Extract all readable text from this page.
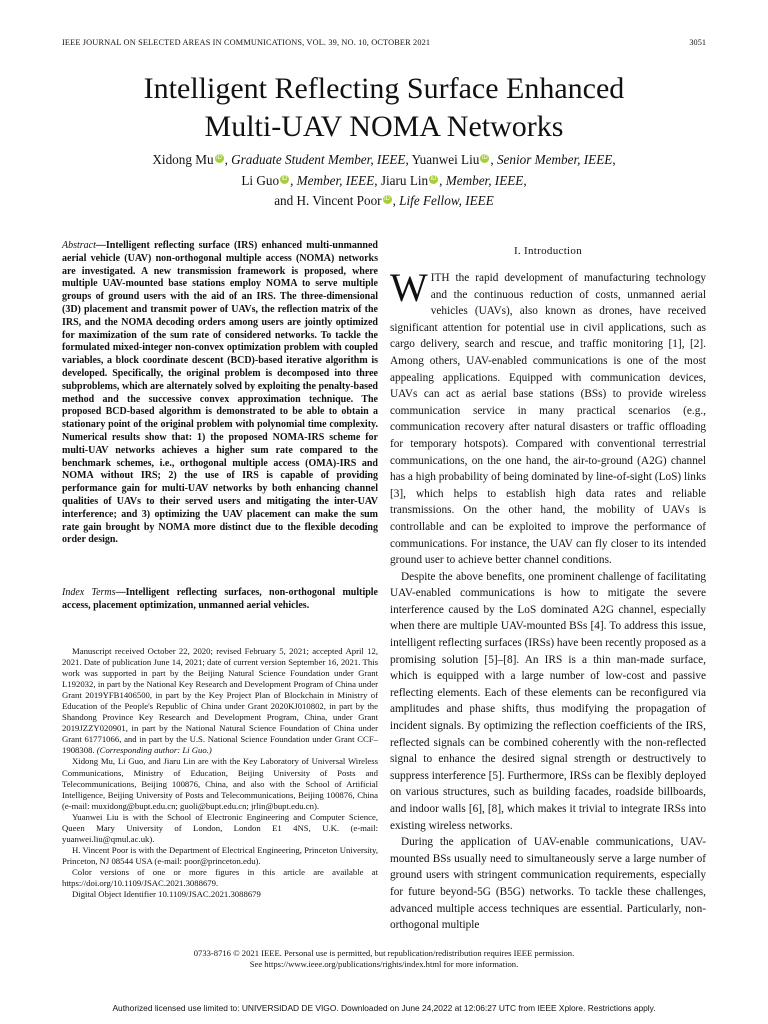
IEEE JOURNAL ON SELECTED AREAS IN COMMUNICATIONS, VOL. 39, NO. 10, OCTOBER 2021	3051
Intelligent Reflecting Surface Enhanced
Multi-UAV NOMA Networks
Xidong Mu iD , Graduate Student Member, IEEE, Yuanwei Liu iD , Senior Member, IEEE,
Li Guo iD , Member, IEEE, Jiaru Lin iD , Member, IEEE,
and H. Vincent Poor iD , Life Fellow, IEEE
Abstract—Intelligent reflecting surface (IRS) enhanced multi-unmanned aerial vehicle (UAV) non-orthogonal multiple access (NOMA) networks are investigated. A new transmission framework is proposed, where multiple UAV-mounted base stations employ NOMA to serve multiple groups of ground users with the aid of an IRS. The three-dimensional (3D) placement and transmit power of UAVs, the reflection matrix of the IRS, and the NOMA decoding orders among users are jointly optimized for maximization of the sum rate of considered networks. To tackle the formulated mixed-integer non-convex optimization problem with coupled variables, a block coordinate descent (BCD)-based iterative algorithm is developed. Specifically, the original problem is decomposed into three subproblems, which are alternately solved by exploiting the penalty-based method and the successive convex approximation technique. The proposed BCD-based algorithm is demonstrated to be able to obtain a stationary point of the original problem with polynomial time complexity. Numerical results show that: 1) the proposed NOMA-IRS scheme for multi-UAV networks achieves a higher sum rate compared to the benchmark schemes, i.e., orthogonal multiple access (OMA)-IRS and NOMA without IRS; 2) the use of IRS is capable of providing performance gain for multi-UAV networks by both enhancing channel qualities of UAVs to their served users and mitigating the inter-UAV interference; and 3) optimizing the UAV placement can make the sum rate gain brought by NOMA more distinct due to the flexible decoding order design.
Index Terms—Intelligent reflecting surfaces, non-orthogonal multiple access, placement optimization, unmanned aerial vehicles.

Manuscript received October 22, 2020; revised February 5, 2021; accepted April 12, 2021. Date of publication June 14, 2021; date of current version September 16, 2021. This work was supported in part by the Beijing Natural Science Foundation under Grant L192032, in part by the National Key Research and Development Program of China under Grant 2019YFB1406500, in part by the Key Project Plan of Blockchain in Ministry of Education of the People's Republic of China under Grant 2020KJ010802, in part by the Shandong Province Key Research and Development Program, China, under Grant 2019JZZY020901, in part by the National Natural Science Foundation of China under Grant 61771066, and in part by the U.S. National Science Foundation under Grant CCF–1908308. (Corresponding author: Li Guo.)

Xidong Mu, Li Guo, and Jiaru Lin are with the Key Laboratory of Universal Wireless Communications, Ministry of Education, Beijing University of Posts and Telecommunications, Beijing 100876, China, and also with the School of Artificial Intelligence, Beijing University of Posts and Telecommunications, Beijing 100876, China (e-mail: muxidong@bupt.edu.cn; guoli@bupt.edu.cn; jrlin@bupt.edu.cn).

Yuanwei Liu is with the School of Electronic Engineering and Computer Science, Queen Mary University of London, London E1 4NS, U.K. (e-mail: yuanwei.liu@qmul.ac.uk).

H. Vincent Poor is with the Department of Electrical Engineering, Princeton University, Princeton, NJ 08544 USA (e-mail: poor@princeton.edu).

Color versions of one or more figures in this article are available at https://doi.org/10.1109/JSAC.2021.3088679.

Digital Object Identifier 10.1109/JSAC.2021.3088679

I. Introduction

WITH the rapid development of manufacturing technology and the continuous reduction of costs, unmanned aerial vehicles (UAVs), also known as drones, have received significant attention for potential use in civil applications, such as cargo delivery, search and rescue, and traffic monitoring [1], [2]. Among others, UAV-enabled communications is one of the most appealing applications. Equipped with communication devices, UAVs can act as aerial base stations (BSs) to provide wireless communication service in many practical scenarios (e.g., communication recovery after natural disasters or traffic offloading for temporary hotspots). Compared with conventional terrestrial communications, on the one hand, the air-to-ground (A2G) channel has a high probability of being dominated by line-of-sight (LoS) links [3], which helps to establish high data rates and reliable transmissions. On the other hand, the mobility of UAVs is controllable and can be exploited to improve the performance of communications. For instance, the UAV can fly closer to its intended ground user to achieve better channel conditions.

Despite the above benefits, one prominent challenge of facilitating UAV-enabled communications is how to mitigate the severe interference caused by the LoS dominated A2G channel, especially when there are multiple UAV-mounted BSs [4]. To address this issue, intelligent reflecting surfaces (IRSs) have been recently proposed as a promising solution [5]–[8]. An IRS is a thin man-made surface, which is equipped with a large number of low-cost and passive reflecting elements. Each of these elements can be reconfigured via amplitudes and phase shifts, thus modifying the propagation of incident signals. By optimizing the reflection coefficients of the IRS, reflected signals can be combined coherently with the non-reflected signal to enhance the desired signal strength or destructively to suppress interference [5]. Furthermore, IRSs can be flexibly deployed on various structures, such as building facades, roadside billboards, and indoor walls [6], [8], which makes it trivial to integrate IRSs into existing wireless networks.

During the application of UAV-enable communications, UAV-mounted BSs usually need to simultaneously serve a large number of ground users with stringent communication requirements, especially for future beyond-5G (B5G) networks. To tackle these challenges, advanced multiple access techniques are essential. Particularly, non-orthogonal multiple

0733-8716 © 2021 IEEE. Personal use is permitted, but republication/redistribution requires IEEE permission.
See https://www.ieee.org/publications/rights/index.html for more information.
Authorized licensed use limited to: UNIVERSIDAD DE VIGO. Downloaded on June 24,2022 at 12:06:27 UTC from IEEE Xplore. Restrictions apply.
